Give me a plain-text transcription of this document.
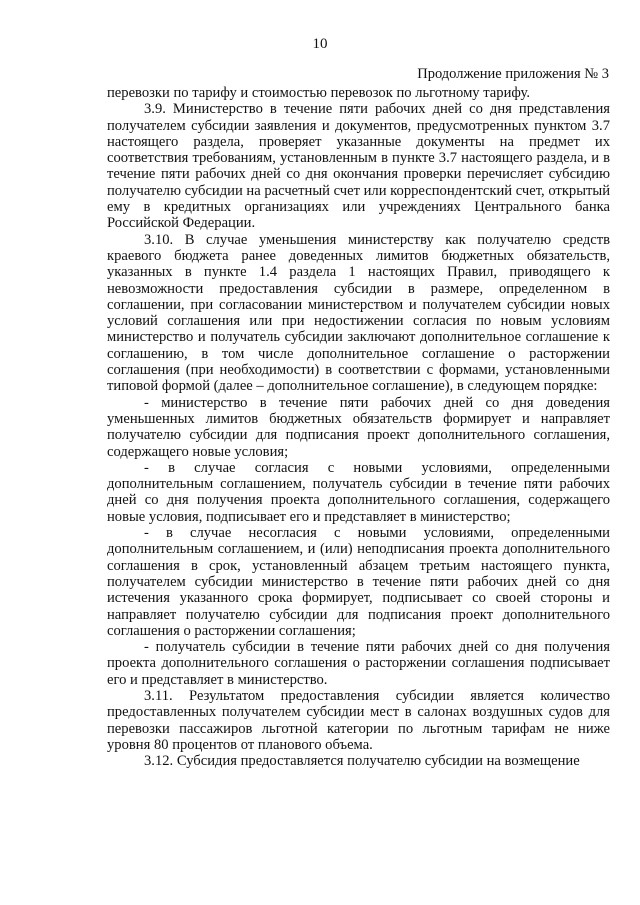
10
Продолжение приложения № 3

перевозки по тарифу и стоимостью перевозок по льготному тарифу.

3.9. Министерство в течение пяти рабочих дней со дня представления получателем субсидии заявления и документов, предусмотренных пунктом 3.7 настоящего раздела, проверяет указанные документы на предмет их соответствия требованиям, установленным в пункте 3.7 настоящего раздела, и в течение пяти рабочих дней со дня окончания проверки перечисляет субсидию получателю субсидии на расчетный счет или корреспондентский счет, открытый ему в кредитных организациях или учреждениях Центрального банка Российской Федерации.

3.10. В случае уменьшения министерству как получателю средств краевого бюджета ранее доведенных лимитов бюджетных обязательств, указанных в пункте 1.4 раздела 1 настоящих Правил, приводящего к невозможности предоставления субсидии в размере, определенном в соглашении, при согласовании министерством и получателем субсидии новых условий соглашения или при недостижении согласия по новым условиям министерство и получатель субсидии заключают дополнительное соглашение к соглашению, в том числе дополнительное соглашение о расторжении соглашения (при необходимости) в соответствии с формами, установленными типовой формой (далее – дополнительное соглашение), в следующем порядке:

- министерство в течение пяти рабочих дней со дня доведения уменьшенных лимитов бюджетных обязательств формирует и направляет получателю субсидии для подписания проект дополнительного соглашения, содержащего новые условия;

- в случае согласия с новыми условиями, определенными дополнительным соглашением, получатель субсидии в течение пяти рабочих дней со дня получения проекта дополнительного соглашения, содержащего новые условия, подписывает его и представляет в министерство;

- в случае несогласия с новыми условиями, определенными дополнительным соглашением, и (или) неподписания проекта дополнительного соглашения в срок, установленный абзацем третьим настоящего пункта, получателем субсидии министерство в течение пяти рабочих дней со дня истечения указанного срока формирует, подписывает со своей стороны и направляет получателю субсидии для подписания проект дополнительного соглашения о расторжении соглашения;

- получатель субсидии в течение пяти рабочих дней со дня получения проекта дополнительного соглашения о расторжении соглашения подписывает его и представляет в министерство.

3.11. Результатом предоставления субсидии является количество предоставленных получателем субсидии мест в салонах воздушных судов для перевозки пассажиров льготной категории по льготным тарифам не ниже уровня 80 процентов от планового объема.

3.12. Субсидия предоставляется получателю субсидии на возмещение
